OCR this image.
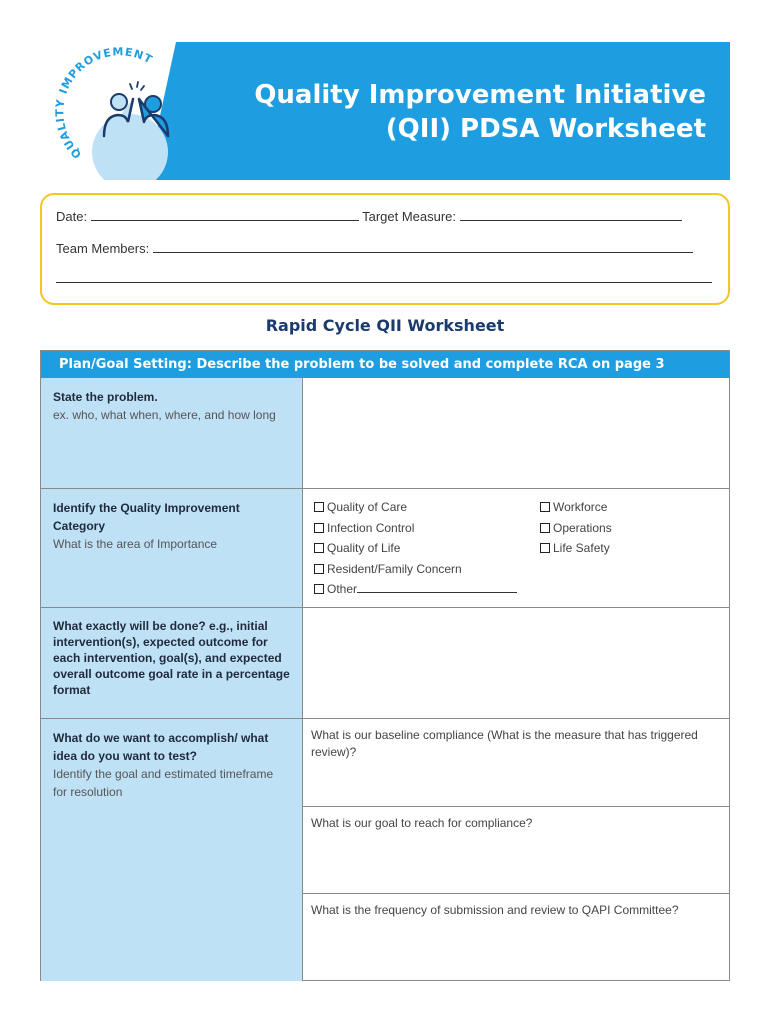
QUALITY IMPROVEMENT
Quality Improvement Initiative
(QII) PDSA Worksheet
Date:	Target Measure:
Team Members:
Rapid Cycle QII Worksheet
Plan/Goal Setting: Describe the problem to be solved and complete RCA on page 3
State the problem.
ex. who, what when, where, and how long
Identify the Quality Improvement Category
What is the area of Importance
Quality of Care
Infection Control
Quality of Life
Resident/Family Concern
Other
Workforce
Operations
Life Safety
What exactly will be done? e.g., initial intervention(s), expected outcome for each intervention, goal(s), and expected overall outcome goal rate in a percentage format
What do we want to accomplish/ what idea do you want to test?
Identify the goal and estimated timeframe for resolution
What is our baseline compliance (What is the measure that has triggered review)?
What is our goal to reach for compliance?
What is the frequency of submission and review to QAPI Committee?
